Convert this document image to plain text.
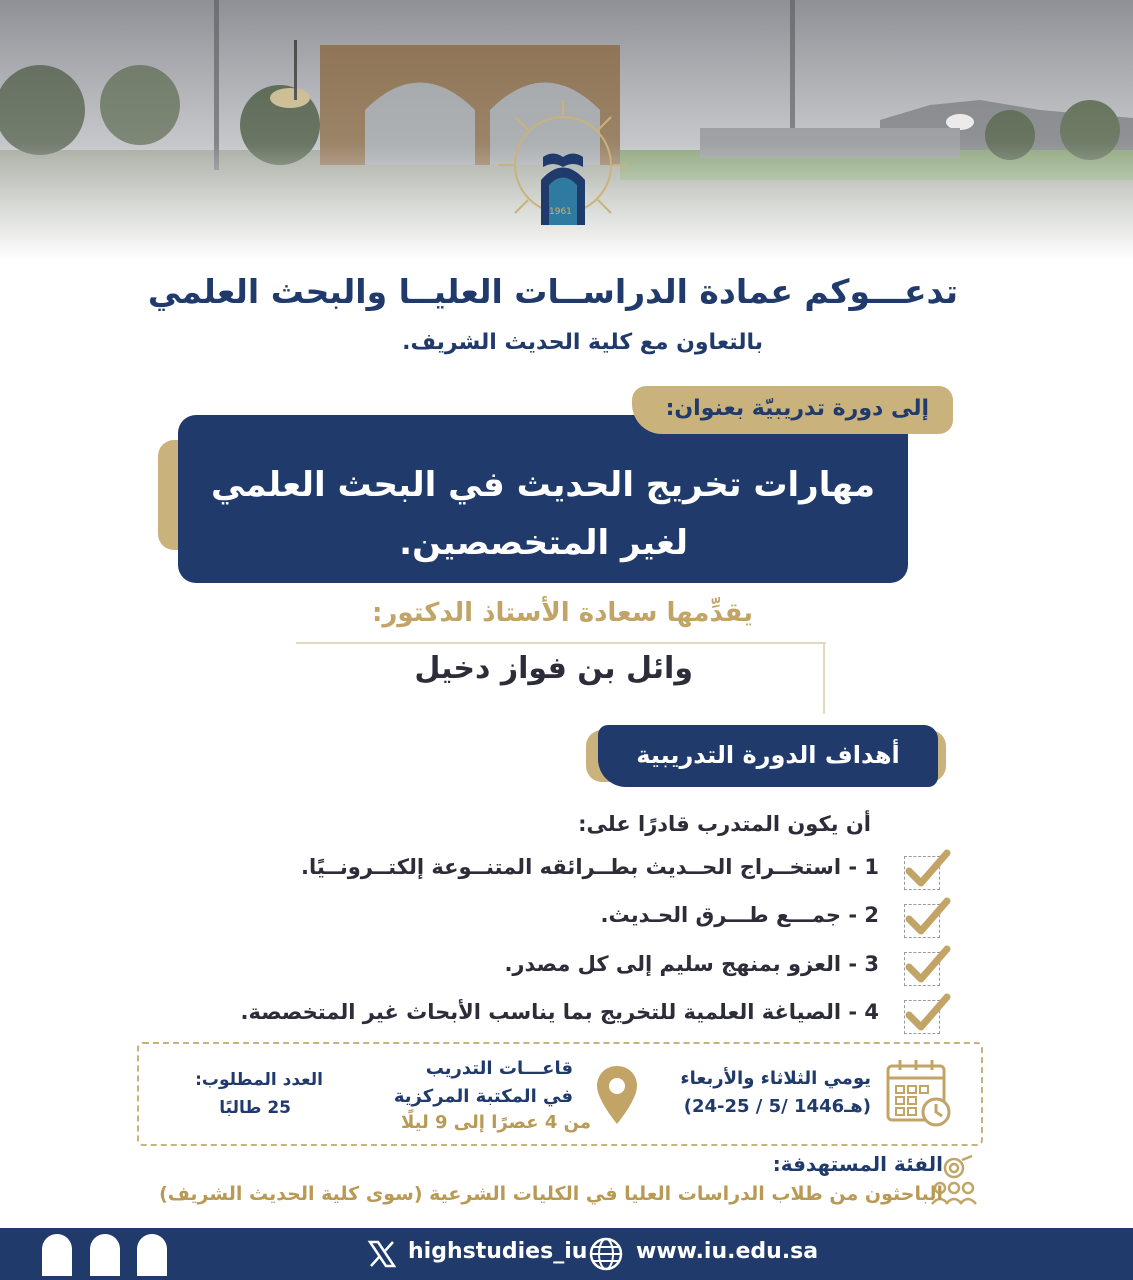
1961
تدعـــوكم عمادة الدراســات العليــا والبحث العلمي
بالتعاون مع كلية الحديث الشريف.
إلى دورة تدريبيّة بعنوان:
مهارات تخريج الحديث في البحث العلمي
لغير المتخصصين.
يقدِّمها سعادة الأستاذ الدكتور:
وائل بن فواز دخيل
أهداف الدورة التدريبية
أن يكون المتدرب قادرًا على:
1 - استخــراج الحــديث بطــرائقه المتنــوعة إلكتــرونــيًا.
2 - جمـــع طـــرق الحـديث.
3 - العزو بمنهج سليم إلى كل مصدر.
4 - الصياغة العلمية للتخريج بما يناسب الأبحاث غير المتخصصة.
يومي الثلاثاء والأربعاء
(24-25 / 5/ 1446هـ)
قاعـــات التدريب
في المكتبة المركزية
من 4 عصرًا إلى 9 ليلًا
العدد المطلوب:
25 طالبًا
الفئة المستهدفة:
الباحثون من طلاب الدراسات العليا في الكليات الشرعية (سوى كلية الحديث الشريف)
highstudies_iu www.iu.edu.sa
